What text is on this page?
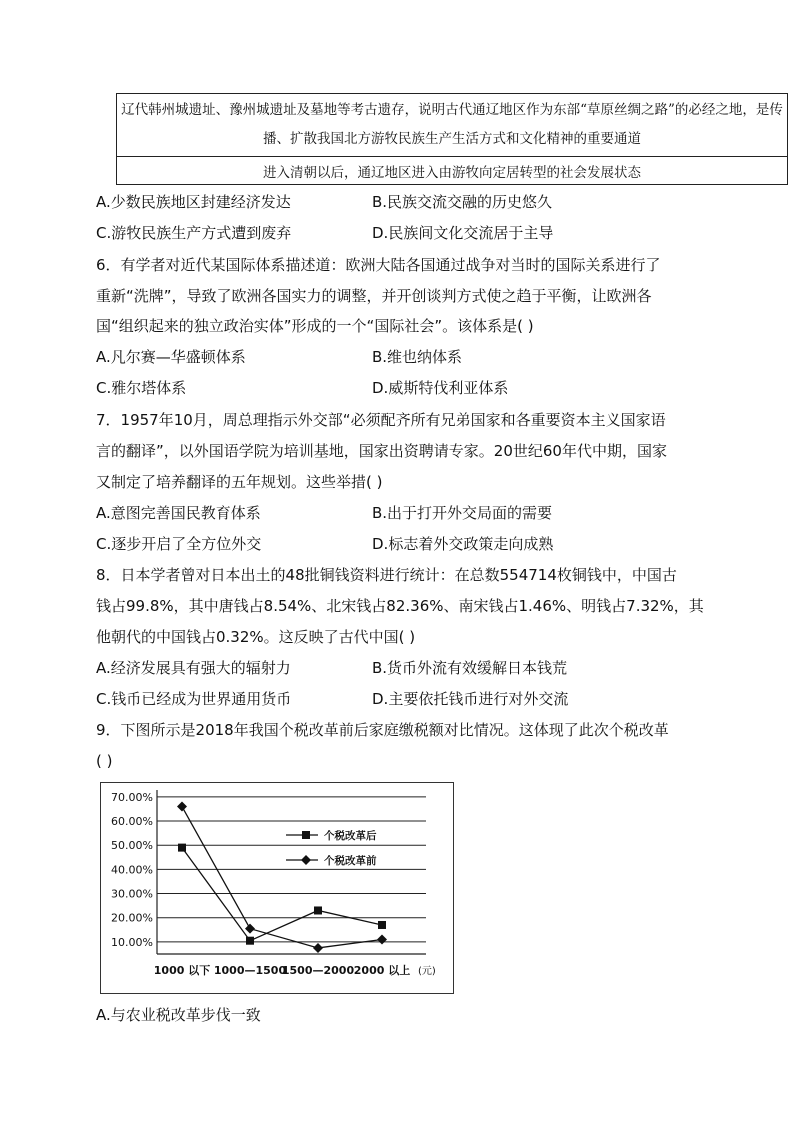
辽代韩州城遗址、豫州城遗址及墓地等考古遗存，说明古代通辽地区作为东部“草原丝绸之路”的必经之地，是传播、扩散我国北方游牧民族生产生活方式和文化精神的重要通道
进入清朝以后，通辽地区进入由游牧向定居转型的社会发展状态
A.少数民族地区封建经济发达	B.民族交流交融的历史悠久
C.游牧民族生产方式遭到废弃	D.民族间文化交流居于主导
6．有学者对近代某国际体系描述道：欧洲大陆各国通过战争对当时的国际关系进行了
重新“洗牌”，导致了欧洲各国实力的调整，并开创谈判方式使之趋于平衡，让欧洲各
国“组织起来的独立政治实体”形成的一个“国际社会”。该体系是( )
A.凡尔赛—华盛顿体系	B.维也纳体系
C.雅尔塔体系	D.威斯特伐利亚体系
7．1957年10月，周总理指示外交部“必须配齐所有兄弟国家和各重要资本主义国家语
言的翻译”，以外国语学院为培训基地，国家出资聘请专家。20世纪60年代中期，国家
又制定了培养翻译的五年规划。这些举措( )
A.意图完善国民教育体系	B.出于打开外交局面的需要
C.逐步开启了全方位外交	D.标志着外交政策走向成熟
8．日本学者曾对日本出土的48批铜钱资料进行统计：在总数554714枚铜钱中，中国古
钱占99.8%，其中唐钱占8.54%、北宋钱占82.36%、南宋钱占1.46%、明钱占7.32%，其
他朝代的中国钱占0.32%。这反映了古代中国( )
A.经济发展具有强大的辐射力	B.货币外流有效缓解日本钱荒
C.钱币已经成为世界通用货币	D.主要依托钱币进行对外交流
9．下图所示是2018年我国个税改革前后家庭缴税额对比情况。这体现了此次个税改革
( )
10.00%
20.00%
30.00%
40.00%
50.00%
60.00%
70.00%
1000 以下 1000—1500
1500—2000 2000 以上 (元)
个税改革后
个税改革前
A.与农业税改革步伐一致
